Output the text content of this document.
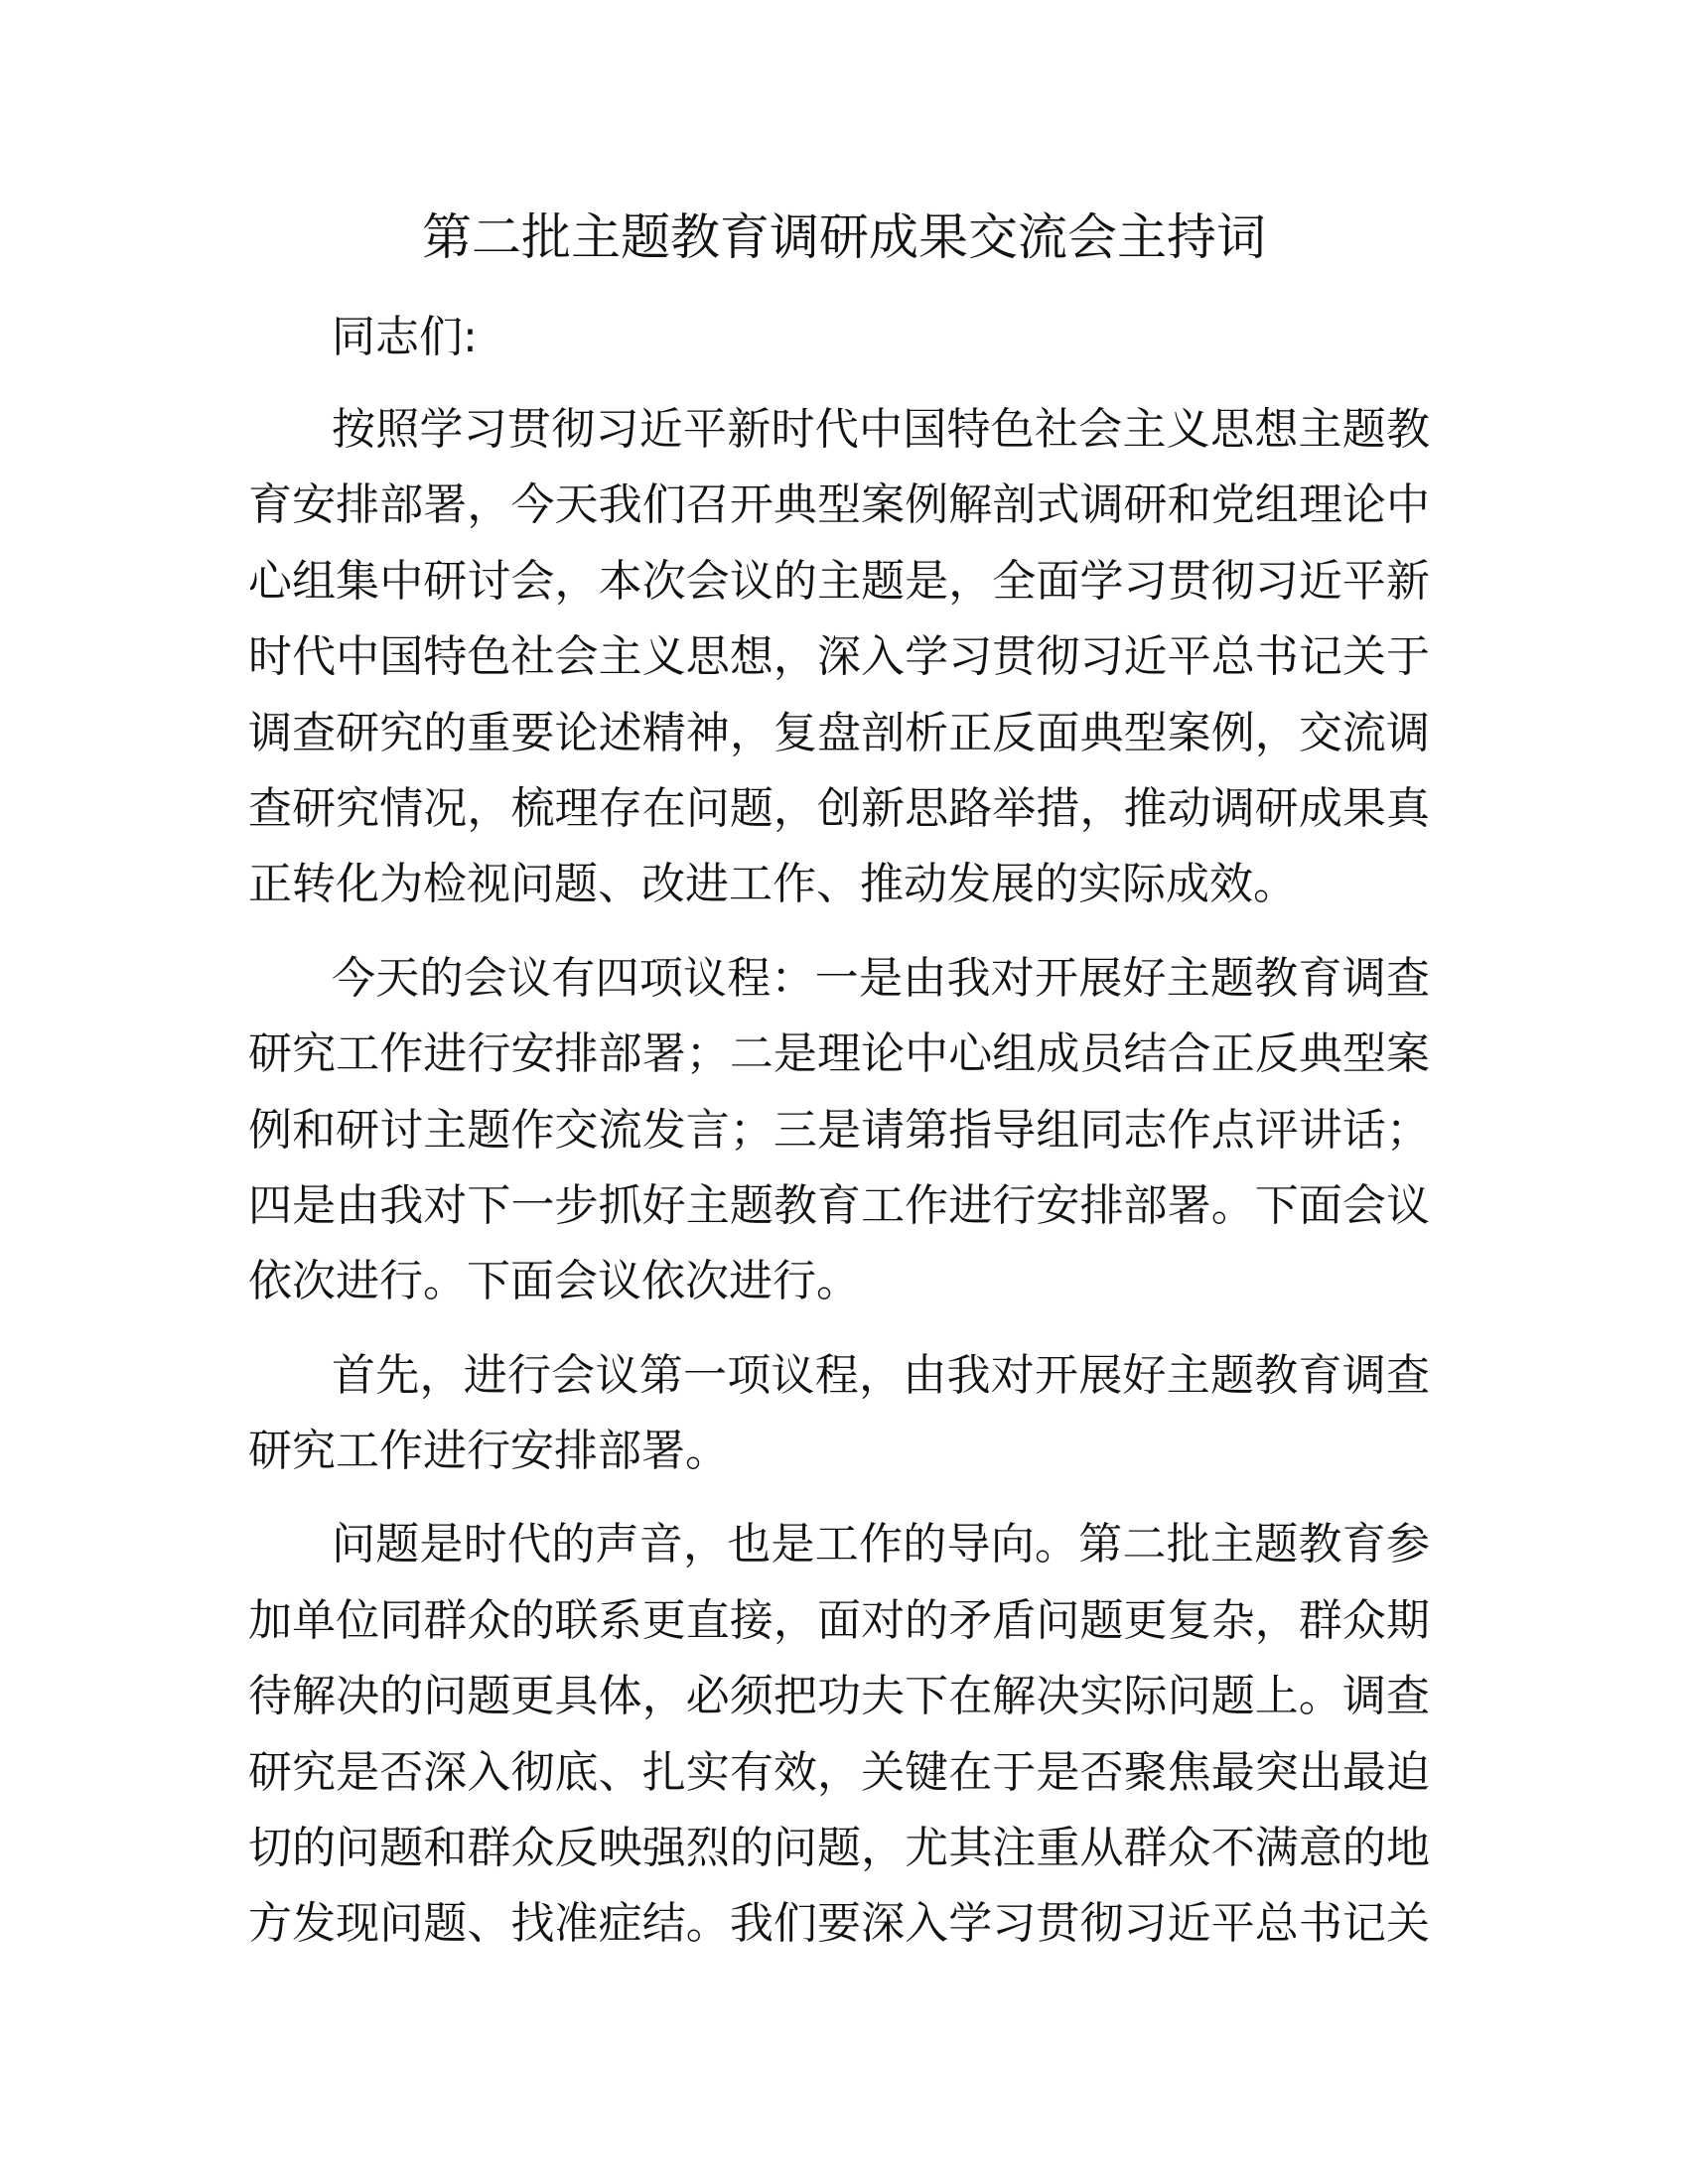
第二批主题教育调研成果交流会主持词
同志们:
按照学习贯彻习近平新时代中国特色社会主义思想主题教
育安排部署，今天我们召开典型案例解剖式调研和党组理论中
心组集中研讨会，本次会议的主题是，全面学习贯彻习近平新
时代中国特色社会主义思想，深入学习贯彻习近平总书记关于
调查研究的重要论述精神，复盘剖析正反面典型案例，交流调
查研究情况，梳理存在问题，创新思路举措，推动调研成果真
正转化为检视问题、改进工作、推动发展的实际成效。
今天的会议有四项议程：一是由我对开展好主题教育调查
研究工作进行安排部署；二是理论中心组成员结合正反典型案
例和研讨主题作交流发言；三是请第指导组同志作点评讲话；
四是由我对下一步抓好主题教育工作进行安排部署。下面会议
依次进行。下面会议依次进行。
首先，进行会议第一项议程，由我对开展好主题教育调查
研究工作进行安排部署。
问题是时代的声音，也是工作的导向。第二批主题教育参
加单位同群众的联系更直接，面对的矛盾问题更复杂，群众期
待解决的问题更具体，必须把功夫下在解决实际问题上。调查
研究是否深入彻底、扎实有效，关键在于是否聚焦最突出最迫
切的问题和群众反映强烈的问题，尤其注重从群众不满意的地
方发现问题、找准症结。我们要深入学习贯彻习近平总书记关
